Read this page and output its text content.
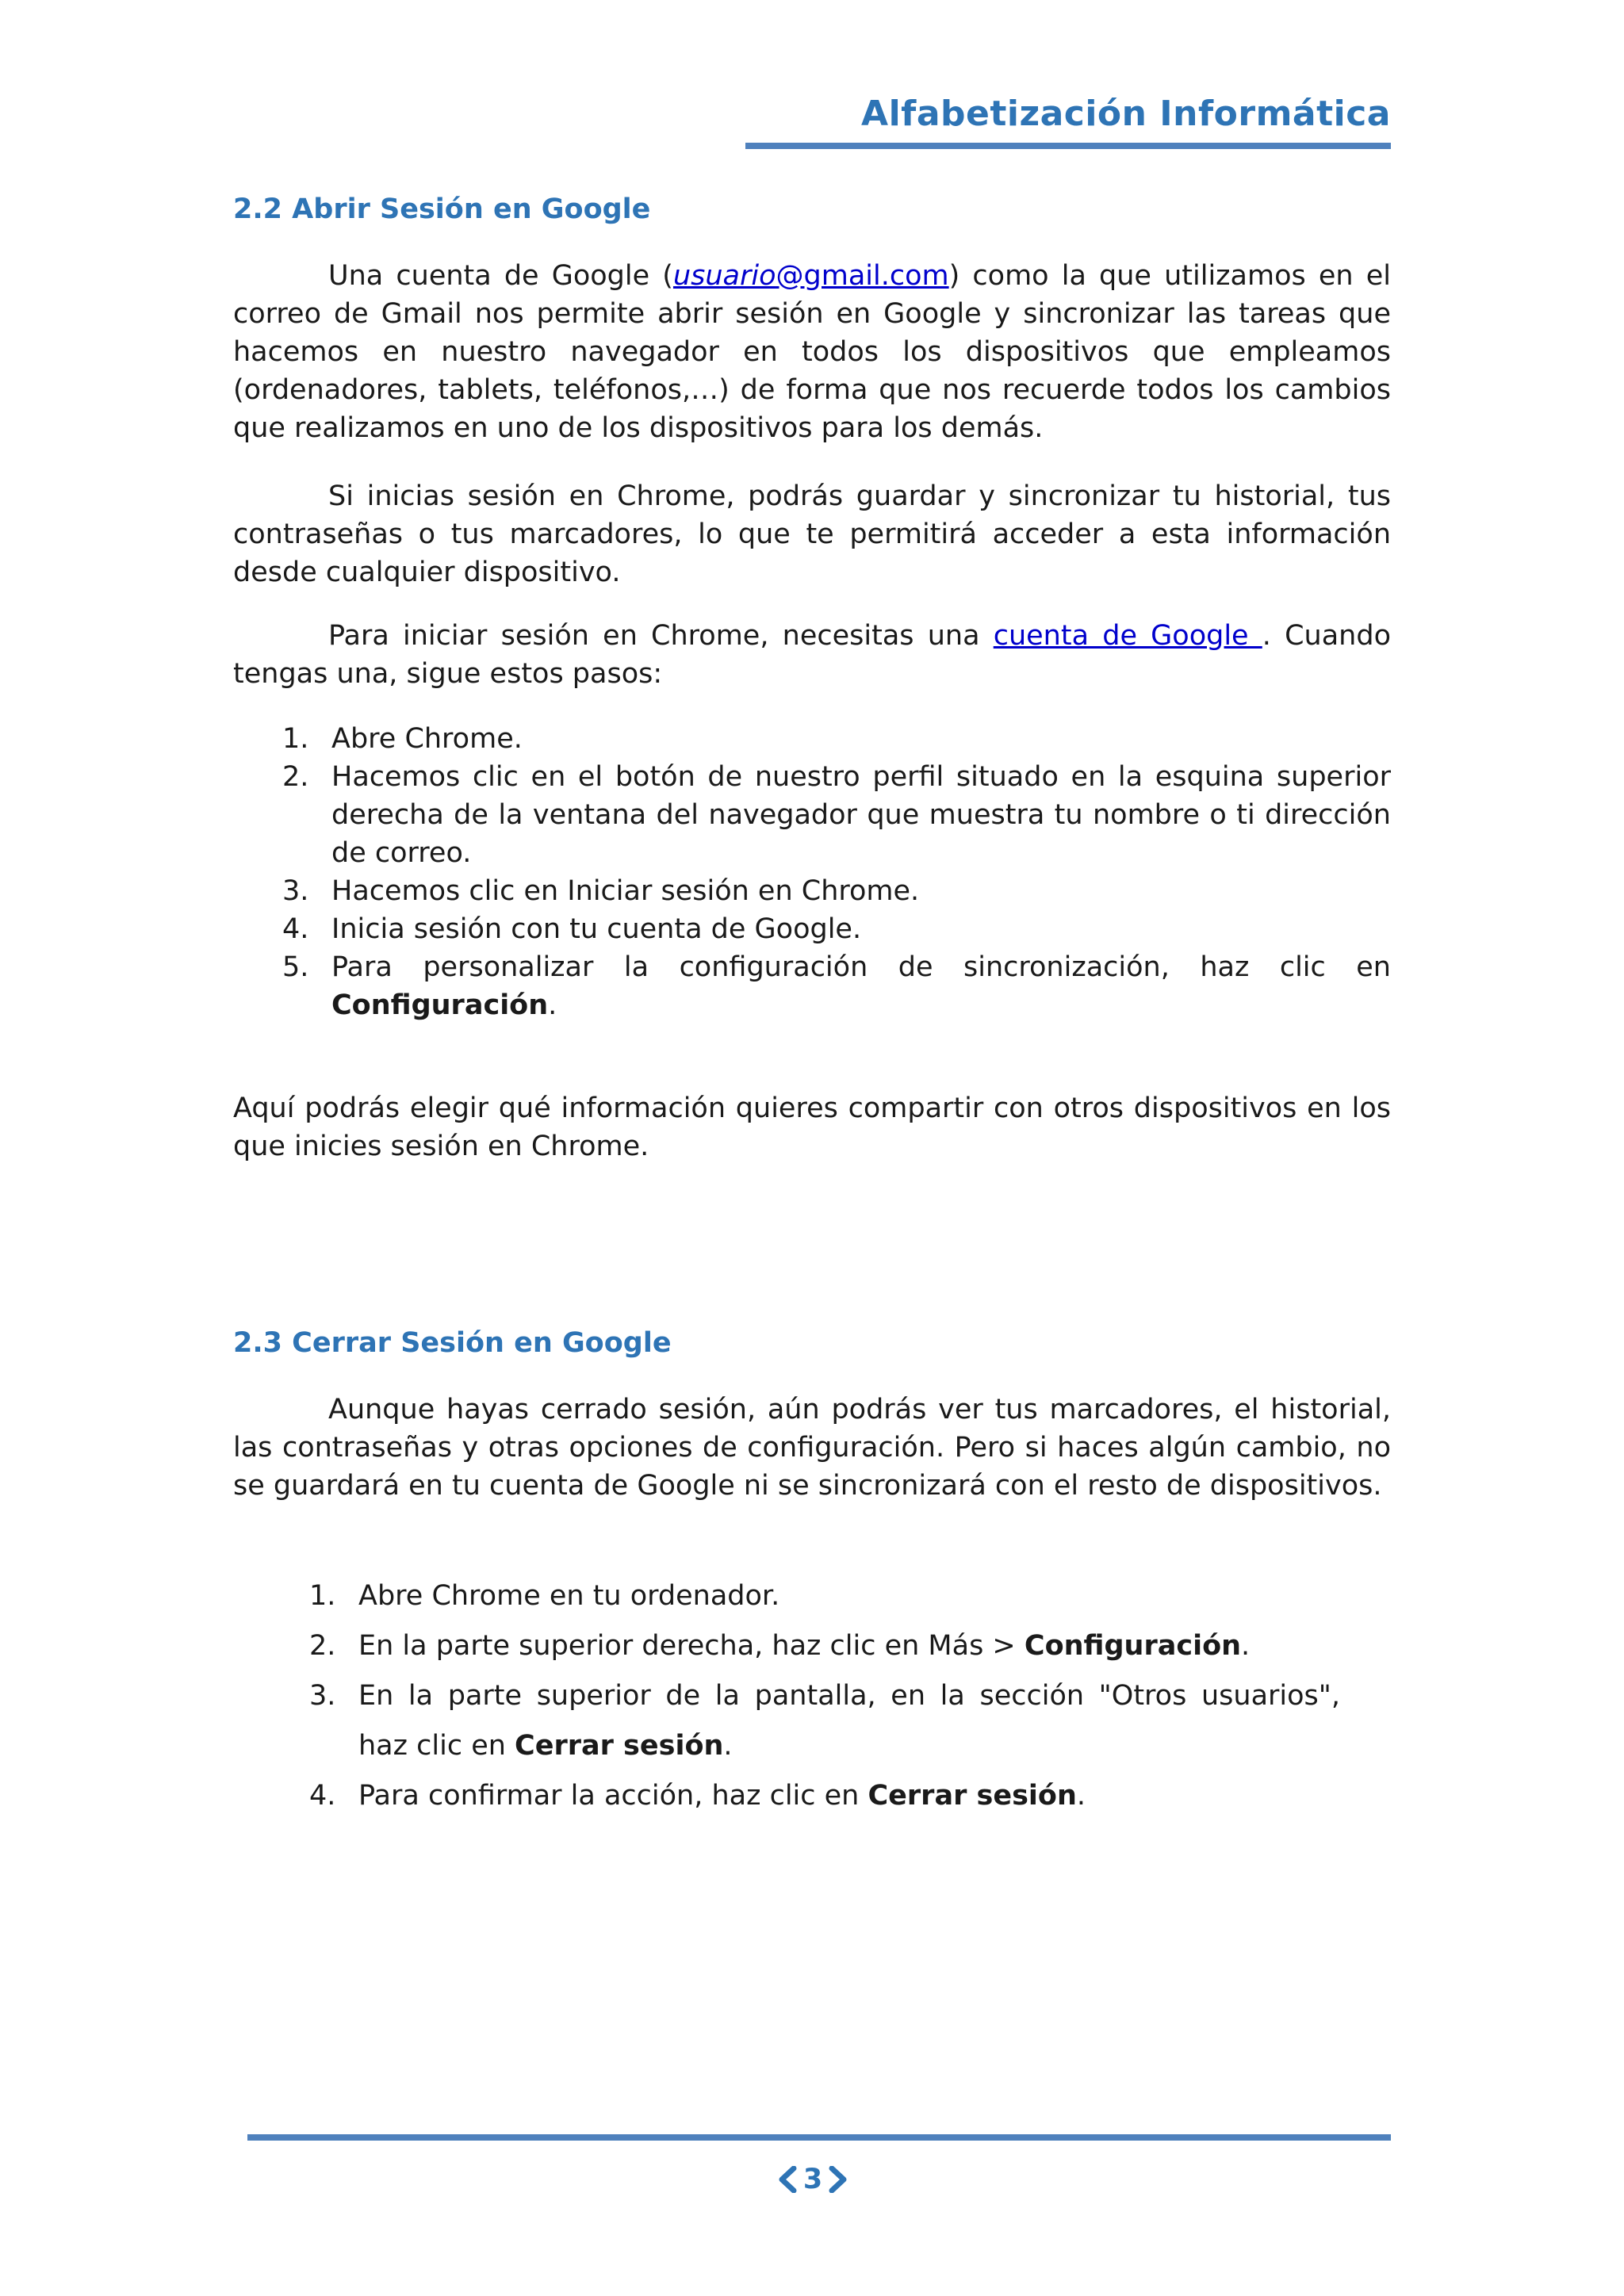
Alfabetización Informática
2.2 Abrir Sesión en Google

Una cuenta de Google (usuario@gmail.com) como la que utilizamos en el correo de Gmail nos permite abrir sesión en Google y sincronizar las tareas que hacemos en nuestro navegador en todos los dispositivos que empleamos (ordenadores, tablets, teléfonos,…) de forma que nos recuerde todos los cambios que realizamos en uno de los dispositivos para los demás.

Si inicias sesión en Chrome, podrás guardar y sincronizar tu historial, tus contraseñas o tus marcadores, lo que te permitirá acceder a esta información desde cualquier dispositivo.

Para iniciar sesión en Chrome, necesitas una cuenta de Google . Cuando tengas una, sigue estos pasos:

1. Abre Chrome.
2. Hacemos clic en el botón de nuestro perfil situado en la esquina superior derecha de la ventana del navegador que muestra tu nombre o ti dirección de correo.
3. Hacemos clic en Iniciar sesión en Chrome.
4. Inicia sesión con tu cuenta de Google.
5. Para personalizar la configuración de sincronización, haz clic en Configuración.

Aquí podrás elegir qué información quieres compartir con otros dispositivos en los que inicies sesión en Chrome.

2.3 Cerrar Sesión en Google

Aunque hayas cerrado sesión, aún podrás ver tus marcadores, el historial, las contraseñas y otras opciones de configuración. Pero si haces algún cambio, no se guardará en tu cuenta de Google ni se sincronizará con el resto de dispositivos.

1. Abre Chrome en tu ordenador.
2. En la parte superior derecha, haz clic en Más > Configuración.
3. En la parte superior de la pantalla, en la sección "Otros usuarios",
haz clic en Cerrar sesión.
4. Para confirmar la acción, haz clic en Cerrar sesión.
3
